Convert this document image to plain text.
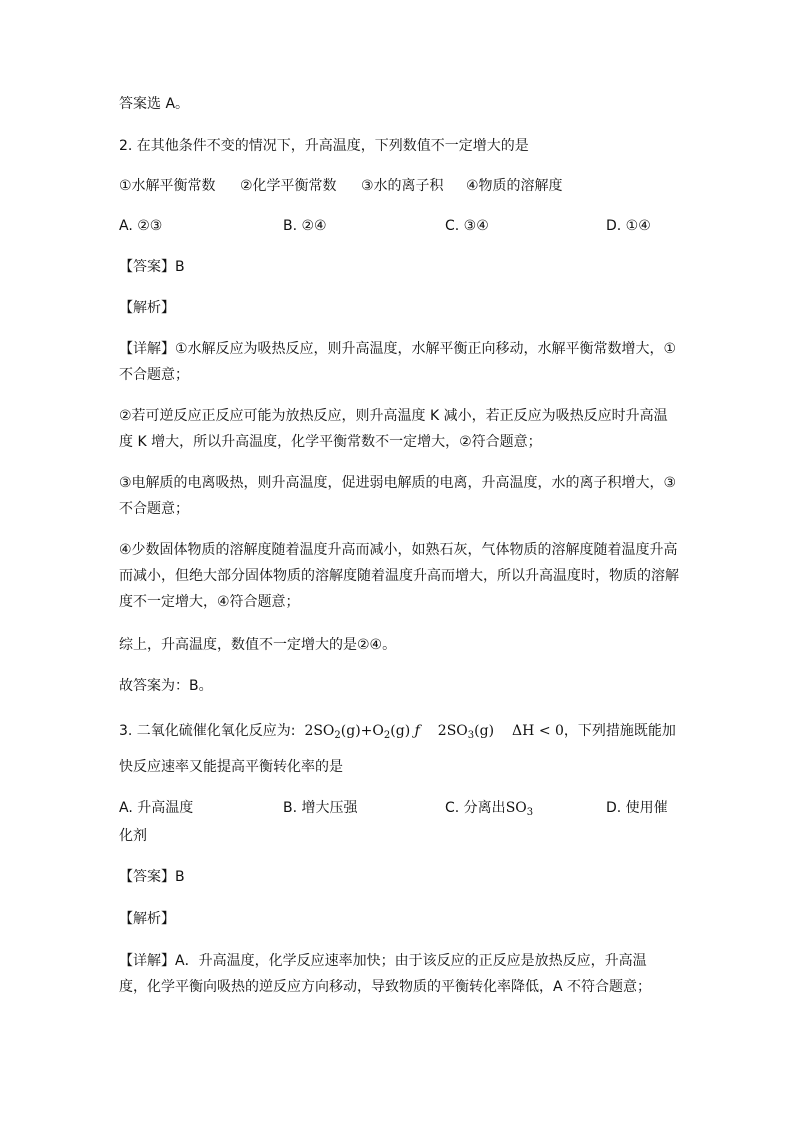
答案选 A。
2. 在其他条件不变的情况下，升高温度，下列数值不一定增大的是
①水解平衡常数 ②化学平衡常数 ③水的离子积 ④物质的溶解度
A. ②③	B. ②④	C. ③④	D. ①④
【答案】B
【解析】
【详解】①水解反应为吸热反应，则升高温度，水解平衡正向移动，水解平衡常数增大，①
不合题意；
②若可逆反应正反应可能为放热反应，则升高温度 K 减小，若正反应为吸热反应时升高温
度 K 增大，所以升高温度，化学平衡常数不一定增大，②符合题意；
③电解质的电离吸热，则升高温度，促进弱电解质的电离，升高温度，水的离子积增大，③
不合题意；
④少数固体物质的溶解度随着温度升高而减小，如熟石灰，气体物质的溶解度随着温度升高
而减小，但绝大部分固体物质的溶解度随着温度升高而增大，所以升高温度时，物质的溶解
度不一定增大，④符合题意；
综上，升高温度，数值不一定增大的是②④。
故答案为：B。
3. 二氧化硫催化氧化反应为: $2SO_2(g)+O_2(g)$ ƒ $2SO_3(g) \Delta H < 0$，下列措施既能加
快反应速率又能提高平衡转化率的是
A. 升高温度	B. 增大压强	C. 分离出$SO_3$	D. 使用催
化剂
【答案】B
【解析】
【详解】A．升高温度，化学反应速率加快；由于该反应的正反应是放热反应，升高温
度，化学平衡向吸热的逆反应方向移动，导致物质的平衡转化率降低，A 不符合题意；
